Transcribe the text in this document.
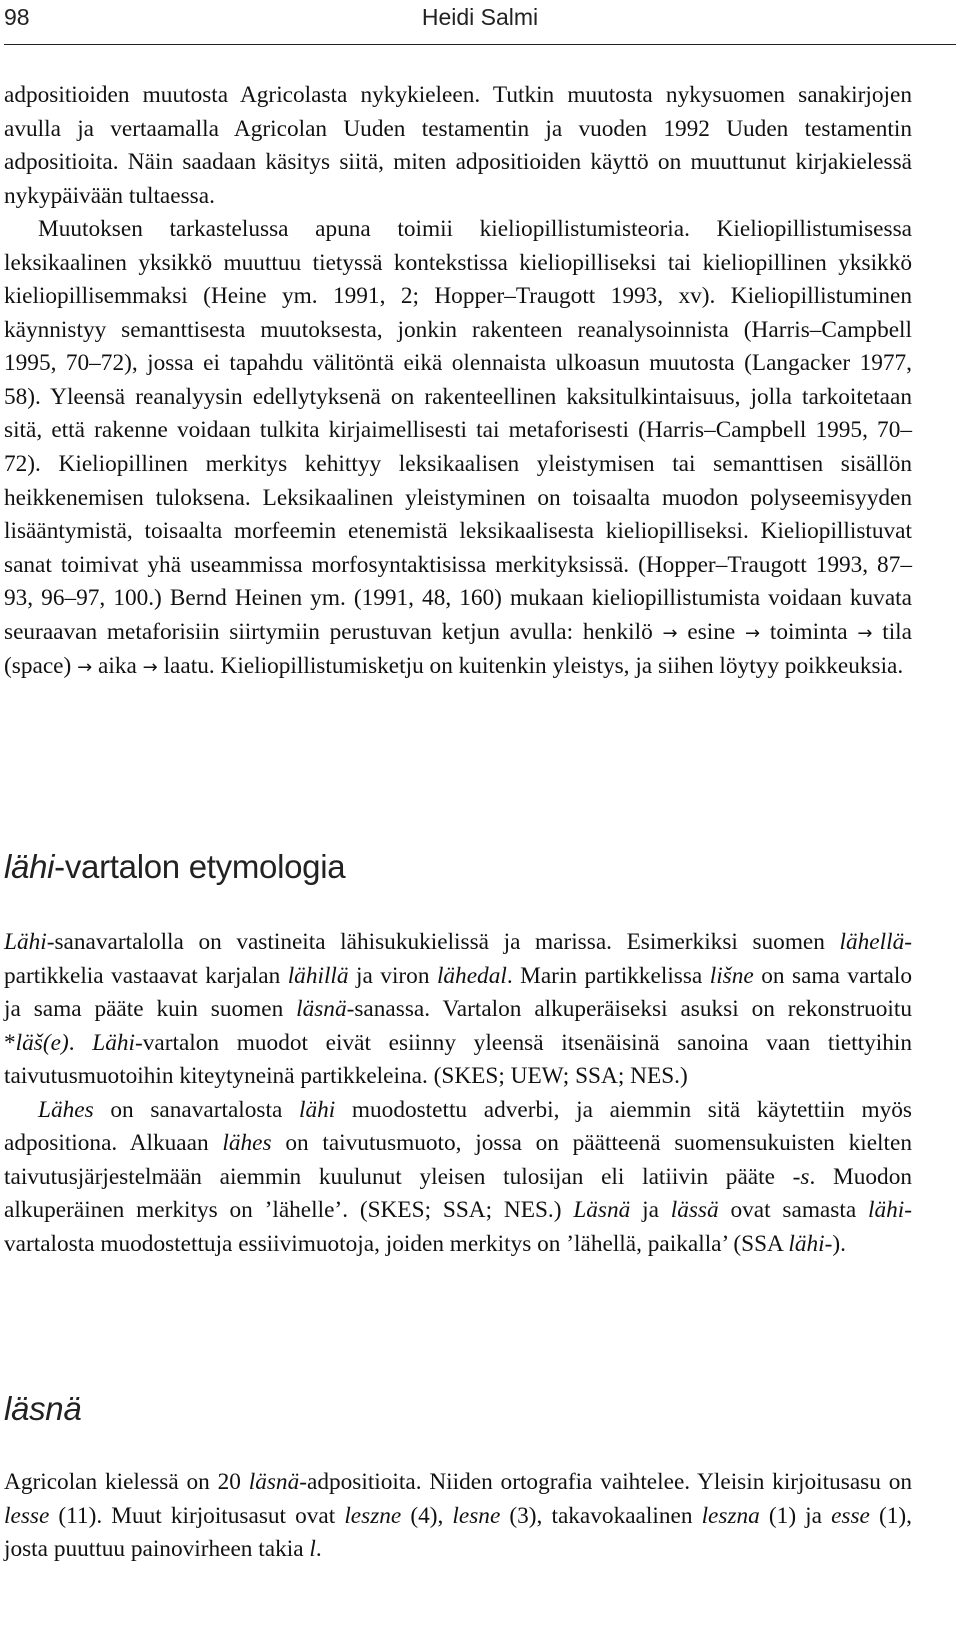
98	Heidi Salmi

adpositioiden muutosta Agricolasta nykykieleen. Tutkin muutosta nykysuomen sanakirjojen avulla ja vertaamalla Agricolan Uuden testamentin ja vuoden 1992 Uuden testamentin adpositioita. Näin saadaan käsitys siitä, miten adpositioiden käyttö on muuttunut kirjakielessä nykypäivään tultaessa.

Muutoksen tarkastelussa apuna toimii kieliopillistumisteoria. Kieliopillistumisessa leksikaalinen yksikkö muuttuu tietyssä kontekstissa kieliopilliseksi tai kieliopillinen yksikkö kieliopillisemmaksi (Heine ym. 1991, 2; Hopper–Traugott 1993, xv). Kieliopillistuminen käynnistyy semanttisesta muutoksesta, jonkin rakenteen reanalysoinnista (Harris–Campbell 1995, 70–72), jossa ei tapahdu välitöntä eikä olennaista ulkoasun muutosta (Langacker 1977, 58). Yleensä reanalyysin edellytyksenä on rakenteellinen kaksitulkintaisuus, jolla tarkoitetaan sitä, että rakenne voidaan tulkita kirjaimellisesti tai metaforisesti (Harris–Campbell 1995, 70–72). Kieliopillinen merkitys kehittyy leksikaalisen yleistymisen tai semanttisen sisällön heikkenemisen tuloksena. Leksikaalinen yleistyminen on toisaalta muodon polyseemisyyden lisääntymistä, toisaalta morfeemin etenemistä leksikaalisesta kieliopilliseksi. Kieliopillistuvat sanat toimivat yhä useammissa morfosyntaktisissa merkityksissä. (Hopper–Traugott 1993, 87–93, 96–97, 100.) Bernd Heinen ym. (1991, 48, 160) mukaan kieliopillistumista voidaan kuvata seuraavan metaforisiin siirtymiin perustuvan ketjun avulla: henkilö → esine → toiminta → tila (space) → aika → laatu. Kieliopillistumisketju on kuitenkin yleistys, ja siihen löytyy poikkeuksia.

lähi-vartalon etymologia

Lähi-sanavartalolla on vastineita lähisukukielissä ja marissa. Esimerkiksi suomen lähellä-partikkelia vastaavat karjalan lähillä ja viron lähedal. Marin partikkelissa lišne on sama vartalo ja sama pääte kuin suomen läsnä-sanassa. Vartalon alkuperäiseksi asuksi on rekonstruoitu *läš(e). Lähi-vartalon muodot eivät esiinny yleensä itsenäisinä sanoina vaan tiettyihin taivutusmuotoihin kiteytyneinä partikkeleina. (SKES; UEW; SSA; NES.)

Lähes on sanavartalosta lähi muodostettu adverbi, ja aiemmin sitä käytettiin myös adpositiona. Alkuaan lähes on taivutusmuoto, jossa on päätteenä suomensukuisten kielten taivutusjärjestelmään aiemmin kuulunut yleisen tulosijan eli latiivin pääte -s. Muodon alkuperäinen merkitys on ’lähelle’. (SKES; SSA; NES.) Läsnä ja lässä ovat samasta lähi-vartalosta muodostettuja essiivimuotoja, joiden merkitys on ’lähellä, paikalla’ (SSA lähi-).

läsnä

Agricolan kielessä on 20 läsnä-adpositioita. Niiden ortografia vaihtelee. Yleisin kirjoitusasu on lesse (11). Muut kirjoitusasut ovat leszne (4), lesne (3), takavokaalinen leszna (1) ja esse (1), josta puuttuu painovirheen takia l.
